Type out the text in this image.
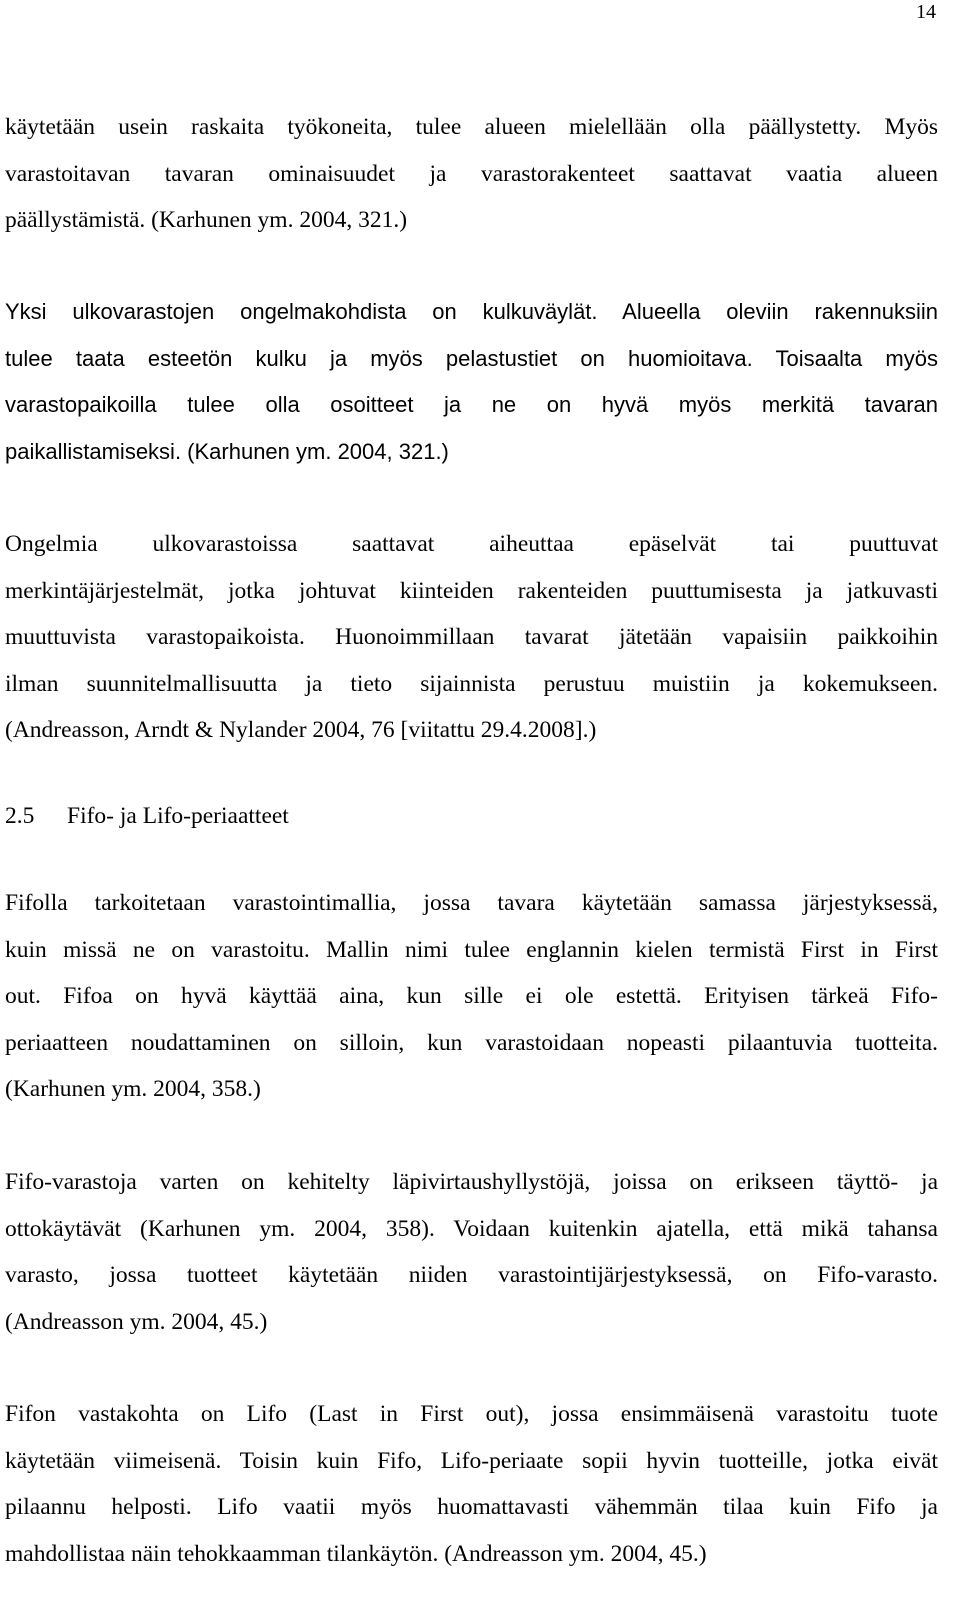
14
käytetään usein raskaita työkoneita, tulee alueen mielellään olla päällystetty. Myös
varastoitavan tavaran ominaisuudet ja varastorakenteet saattavat vaatia alueen
päällystämistä. (Karhunen ym. 2004, 321.)
Yksi ulkovarastojen ongelmakohdista on kulkuväylät. Alueella oleviin rakennuksiin
tulee taata esteetön kulku ja myös pelastustiet on huomioitava. Toisaalta myös
varastopaikoilla tulee olla osoitteet ja ne on hyvä myös merkitä tavaran
paikallistamiseksi. (Karhunen ym. 2004, 321.)
Ongelmia ulkovarastoissa saattavat aiheuttaa epäselvät tai puuttuvat
merkintäjärjestelmät, jotka johtuvat kiinteiden rakenteiden puuttumisesta ja jatkuvasti
muuttuvista varastopaikoista. Huonoimmillaan tavarat jätetään vapaisiin paikkoihin
ilman suunnitelmallisuutta ja tieto sijainnista perustuu muistiin ja kokemukseen.
(Andreasson, Arndt & Nylander 2004, 76 [viitattu 29.4.2008].)
2.5 Fifo- ja Lifo-periaatteet
Fifolla tarkoitetaan varastointimallia, jossa tavara käytetään samassa järjestyksessä,
kuin missä ne on varastoitu. Mallin nimi tulee englannin kielen termistä First in First
out. Fifoa on hyvä käyttää aina, kun sille ei ole estettä. Erityisen tärkeä Fifo-
periaatteen noudattaminen on silloin, kun varastoidaan nopeasti pilaantuvia tuotteita.
(Karhunen ym. 2004, 358.)
Fifo-varastoja varten on kehitelty läpivirtaushyllystöjä, joissa on erikseen täyttö- ja
ottokäytävät (Karhunen ym. 2004, 358). Voidaan kuitenkin ajatella, että mikä tahansa
varasto, jossa tuotteet käytetään niiden varastointijärjestyksessä, on Fifo-varasto.
(Andreasson ym. 2004, 45.)
Fifon vastakohta on Lifo (Last in First out), jossa ensimmäisenä varastoitu tuote
käytetään viimeisenä. Toisin kuin Fifo, Lifo-periaate sopii hyvin tuotteille, jotka eivät
pilaannu helposti. Lifo vaatii myös huomattavasti vähemmän tilaa kuin Fifo ja
mahdollistaa näin tehokkaamman tilankäytön. (Andreasson ym. 2004, 45.)
